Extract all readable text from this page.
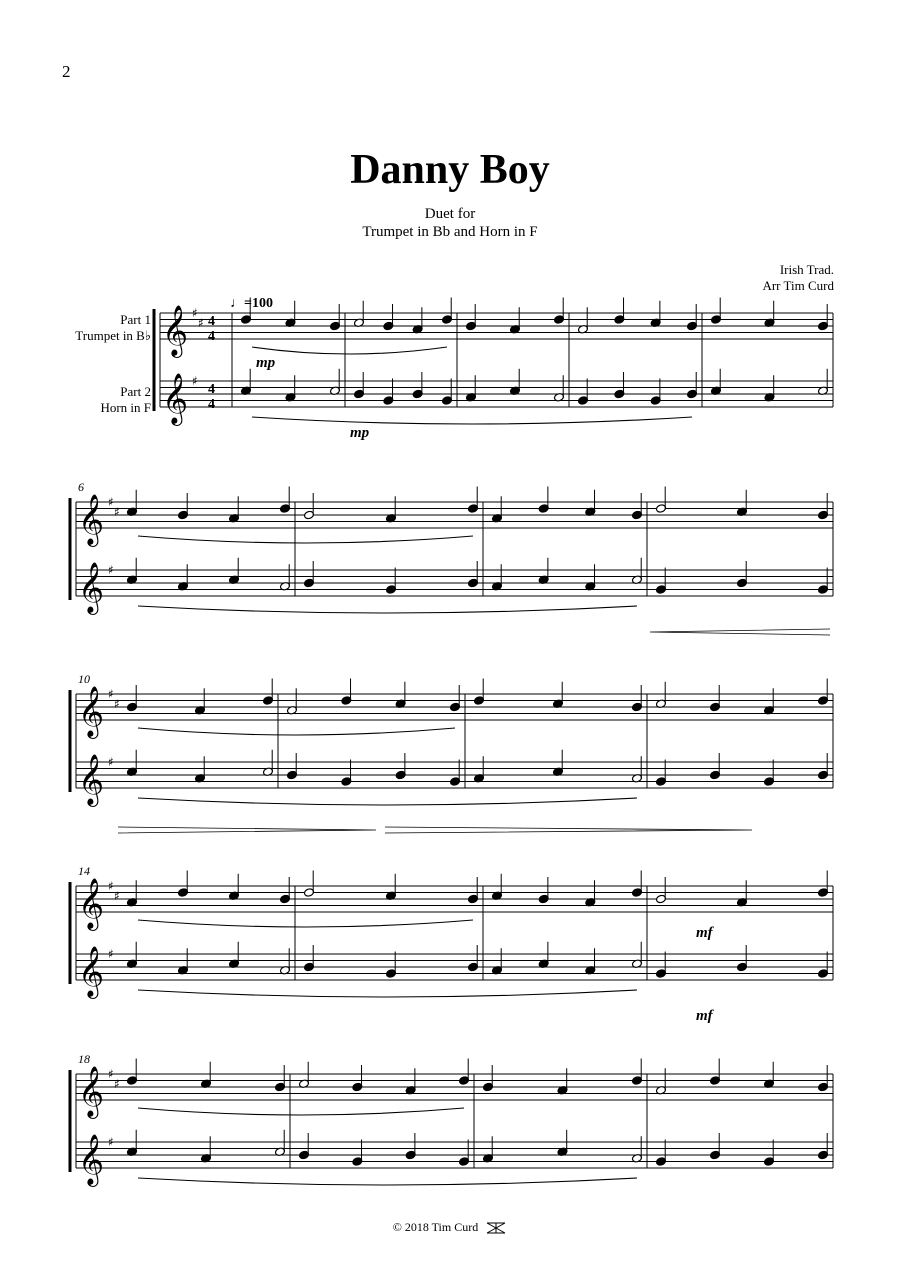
2
Danny Boy
Duet for
Trumpet in Bb and Horn in F
Irish Trad.
Arr Tim Curd
Part 1
Trumpet in B♭
Part 2
Horn in F
♩=100
6
10
14
18
mp
mp
mf
mf
𝄞 ♯
♯ 4
4
𝄞 ♯
4
4
𝄞 ♯
♯
𝄞 ♯
𝄞 ♯
♯
𝄞 ♯
𝄞 ♯
♯
𝄞 ♯
𝄞 ♯
♯
𝄞 ♯
© 2018 Tim Curd
